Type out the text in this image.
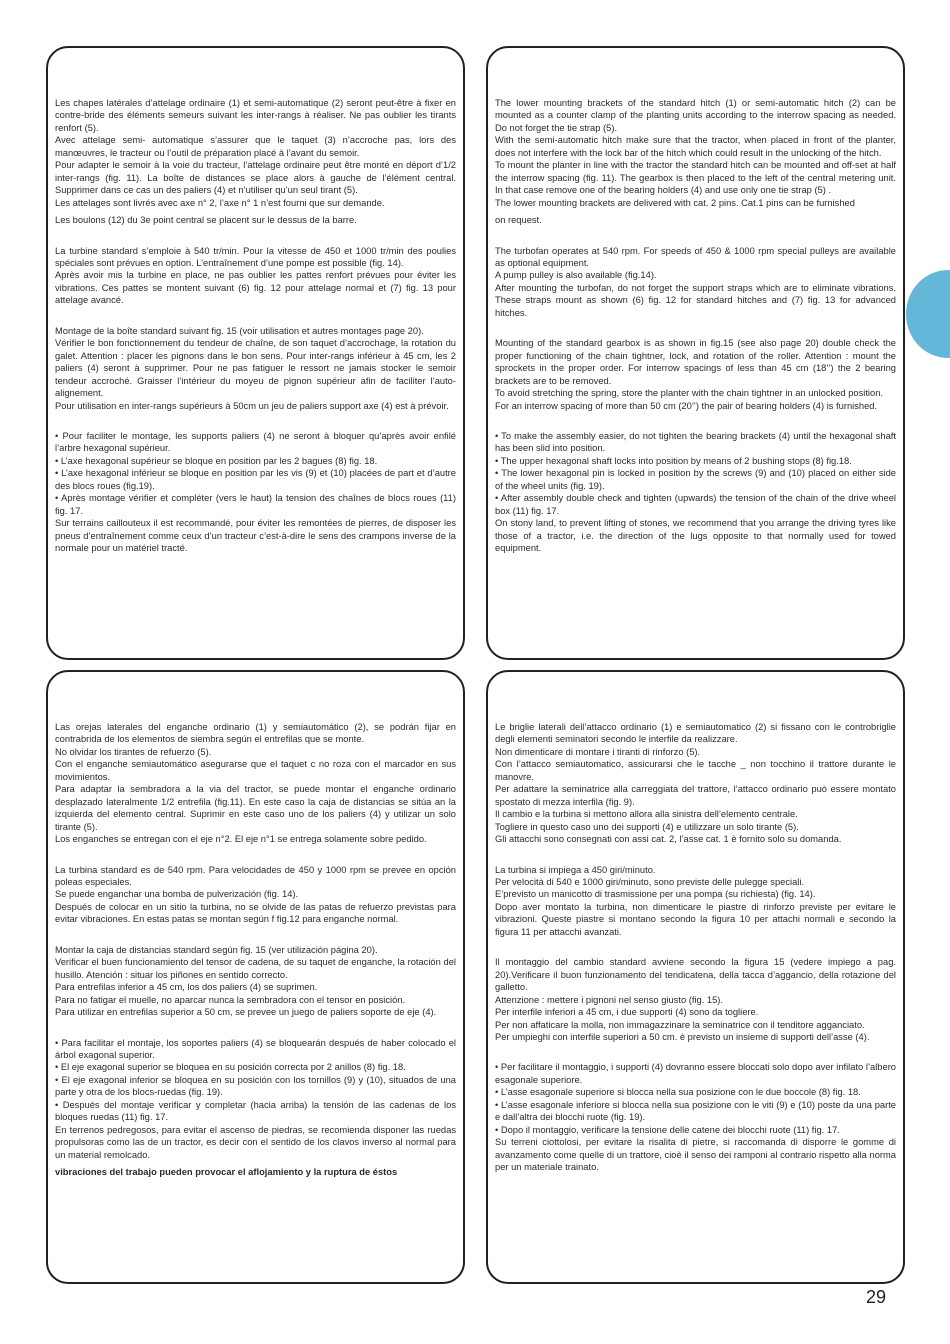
Les chapes latérales d’attelage ordinaire (1) et semi-automatique (2) seront peut-être à fixer en contre-bride des éléments semeurs suivant les inter-rangs à réaliser. Ne pas oublier les tirants renfort (5).
Avec attelage semi- automatique s’assurer que le taquet (3) n’accroche pas, lors des manœuvres, le tracteur ou l’outil de préparation placé à l’avant du semoir.
Pour adapter le semoir à la voie du tracteur, l’attelage ordinaire peut être monté en déport d’1/2 inter-rangs (fig. 11). La boîte de distances se place alors à gauche de l’élément central. Supprimer dans ce cas un des paliers (4) et n’utiliser qu’un seul tirant (5).
Les attelages sont livrés avec axe n° 2, l’axe n° 1 n’est fourni que sur demande.

Les boulons (12) du 3e point central se placent sur le dessus de la barre.

La turbine standard s’emploie à 540 tr/min. Pour la vitesse de 450 et 1000 tr/min des poulies spéciales sont prévues en option. L’entraînement d’une pompe est possible (fig. 14).
Après avoir mis la turbine en place, ne pas oublier les pattes renfort prévues pour éviter les vibrations. Ces pattes se montent suivant (6) fig. 12 pour attelage normal et (7) fig. 13 pour attelage avancé.

Montage de la boîte standard suivant fig. 15 (voir utilisation et autres montages page 20).
Vérifier le bon fonctionnement du tendeur de chaîne, de son taquet d’accrochage, la rotation du galet. Attention : placer les pignons dans le bon sens. Pour inter-rangs inférieur à 45 cm, les 2 paliers (4) seront à supprimer. Pour ne pas fatiguer le ressort ne jamais stocker le semoir tendeur accroché. Graisser l’intérieur du moyeu de pignon supérieur afin de faciliter l’auto- alignement.
Pour utilisation en inter-rangs supérieurs à 50cm un jeu de paliers support axe (4) est à prévoir.

• Pour faciliter le montage, les supports paliers (4) ne seront à bloquer qu’après avoir enfilé l’arbre hexagonal supérieur.
• L’axe hexagonal supérieur se bloque en position par les 2 bagues (8) fig. 18.
• L’axe hexagonal inférieur se bloque en position par les vis (9) et (10) placées de part et d’autre des blocs roues (fig.19).
• Après montage vérifier et compléter (vers le haut) la tension des chaînes de blocs roues (11) fig. 17.
Sur terrains caillouteux il est recommandé, pour éviter les remontées de pierres, de disposer les pneus d’entraînement comme ceux d’un tracteur c’est-à-dire le sens des crampons inverse de la normale pour un matériel tracté.

The lower mounting brackets of the standard hitch (1) or semi-automatic hitch (2) can be mounted as a counter clamp of the planting units according to the interrow spacing as needed. Do not forget the tie strap (5).
With the semi-automatic hitch make sure that the tractor, when placed in front of the planter, does not interfere with the lock bar of the hitch which could result in the unlocking of the hitch.
To mount the planter in line with the tractor the standard hitch can be mounted and off-set at half the interrow spacing (fig. 11). The gearbox is then placed to the left of the central metering unit. In that case remove one of the bearing holders (4) and use only one tie strap (5) .
The lower mounting brackets are delivered with cat. 2 pins. Cat.1 pins can be furnished

on request.

The turbofan operates at 540 rpm. For speeds of 450 & 1000 rpm special pulleys are available as optional equipment.
A pump pulley is also available (fig.14).
After mounting the turbofan, do not forget the support straps which are to eliminate vibrations. These straps mount as shown (6) fig. 12 for standard hitches and (7) fig. 13 for advanced hitches.

Mounting of the standard gearbox is as shown in fig.15 (see also page 20) double check the proper functioning of the chain tightner, lock, and rotation of the roller. Attention : mount the sprockets in the proper order. For interrow spacings of less than 45 cm (18’’) the 2 bearing brackets are to be removed.
To avoid stretching the spring, store the planter with the chain tightner in an unlocked position.
For an interrow spacing of more than 50 cm (20’’) the pair of bearing holders (4) is furnished.

• To make the assembly easier, do not tighten the bearing brackets (4) until the hexagonal shaft has been slid into position.
• The upper hexagonal shaft locks into position by means of 2 bushing stops (8) fig.18.
• The lower hexagonal pin is locked in position by the screws (9) and (10) placed on either side of the wheel units (fig. 19).
• After assembly double check and tighten (upwards) the tension of the chain of the drive wheel box (11) fig. 17.
On stony land, to prevent lifting of stones, we recommend that you arrange the driving tyres like those of a tractor, i.e. the direction of the lugs opposite to that normally used for towed equipment.

Las orejas laterales del enganche ordinario (1) y semiautomático (2), se podrán fijar en contrabrida de los elementos de siembra según el entrefilas que se monte.
No olvidar los tirantes de refuerzo (5).
Con el enganche semiautomático asegurarse que el taquet c no roza con el marcador en sus movimientos.
Para adaptar la sembradora a la via del tractor, se puede montar el enganche ordinario desplazado lateralmente 1/2 entrefila (fig.11). En este caso la caja de distancias se sitúa an la izquierda del elemento central. Suprimir en este caso uno de los paliers (4) y utilizar un solo tirante (5).
Los enganches se entregan con el eje n°2. El eje n°1 se entrega solamente sobre pedido.

La turbina standard es de 540 rpm. Para velocidades de 450 y 1000 rpm se prevee en opción poleas especiales.
Se puede enganchar una bomba de pulverización (fig. 14).
Después de colocar en un sitio la turbina, no se olvide de las patas de refuerzo previstas para evitar vibraciones. En estas patas se montan según f fig.12 para enganche normal.

Montar la caja de distancias standard según fig. 15 (ver utilización página 20).
Verificar el buen funcionamiento del tensor de cadena, de su taquet de enganche, la rotación del husillo. Atención : situar los piñones en sentido correcto.
Para entrefilas inferior a 45 cm, los dos paliers (4) se suprimen.
Para no fatigar el muelle, no aparcar nunca la sembradora con el tensor en posición.
Para utilizar en entrefilas superior a 50 cm, se prevee un juego de paliers soporte de eje (4).

• Para facilitar el montaje, los soportes paliers (4) se bloquearán después de haber colocado el árbol exagonal superior.
• El eje exagonal superior se bloquea en su posición correcta por 2 anillos (8) fig. 18.
• El eje exagonal inferior se bloquea en su posición con los tornillos (9) y (10), situados de una parte y otra de los blocs-ruedas (fig. 19).
• Después del montaje verificar y completar (hacia arriba) la tensión de las cadenas de los bloques ruedas (11) fig. 17.
En terrenos pedregosos, para evitar el ascenso de piedras, se recomienda disponer las ruedas propulsoras como las de un tractor, es decir con el sentido de los clavos inverso al normal para un material remolcado.

vibraciones del trabajo pueden provocar el aflojamiento y la ruptura de éstos

Le briglie laterali dell’attacco ordinario (1) e semiautomatico (2) si fissano con le controbriglie degli elementi seminatori secondo le interfile da realizzare.
Non dimenticare di montare i tiranti di rinforzo (5).
Con l’attacco semiautomatico, assicurarsi che le tacche _ non tocchino il trattore durante le manovre.
Per adattare la seminatrice alla carreggiata del trattore, l’attacco ordinario può essere montato spostato di mezza interfila (fig. 9).
Il cambio e la turbina si mettono allora alla sinistra dell’elemento centrale.
Togliere in questo caso uno dei supporti (4) e utilizzare un solo tirante (5).
Gli attacchi sono consegnati con assi cat. 2, l’asse cat. 1 è fornito solo su domanda.

La turbina si impiega a 450 giri/minuto.
Per velocità di 540 e 1000 giri/minuto, sono previste delle pulegge speciali.
E’previsto un manicotto di trasmissione per una pompa (su richiesta) (fig. 14).
Dopo aver montato la turbina, non dimenticare le piastre di rinforzo previste per evitare le vibrazioni. Queste piastre si montano secondo la figura 10 per attachi normali e secondo la figura 11 per attacchi avanzati.

Il montaggio del cambio standard avviene secondo la figura 15 (vedere impiego a pag. 20).Verificare il buon funzionamento del tendicatena, della tacca d’aggancio, della rotazione del galletto.
Attenzione : mettere i pignoni nel senso giusto (fig. 15).
Per interfile inferiori a 45 cm, i due supporti (4) sono da togliere.
Per non affaticare la molla, non immagazzinare la seminatrice con il tenditore agganciato.
Per umpieghi con interfile superiori a 50 cm. è previsto un insieme di supporti dell’asse (4).

• Per facilitare il montaggio, i supporti (4) dovranno essere bloccati solo dopo aver infilato l’albero esagonale superiore.
• L’asse esagonale superiore si blocca nella sua posizione con le due boccole (8) fig. 18.
• L’asse esagonale inferiore si blocca nella sua posizione con le viti (9) e (10) poste da una parte e dall’altra dei blocchi ruote (fig. 19).
• Dopo il montaggio, verificare la tensione delle catene dei blocchi ruote (11) fig. 17.
Su terreni ciottolosi, per evitare la risalita di pietre, si raccomanda di disporre le gomme di avanzamento come quelle di un trattore, cioè il senso dei ramponi al contrario rispetto alla norma per un materiale trainato.

29
